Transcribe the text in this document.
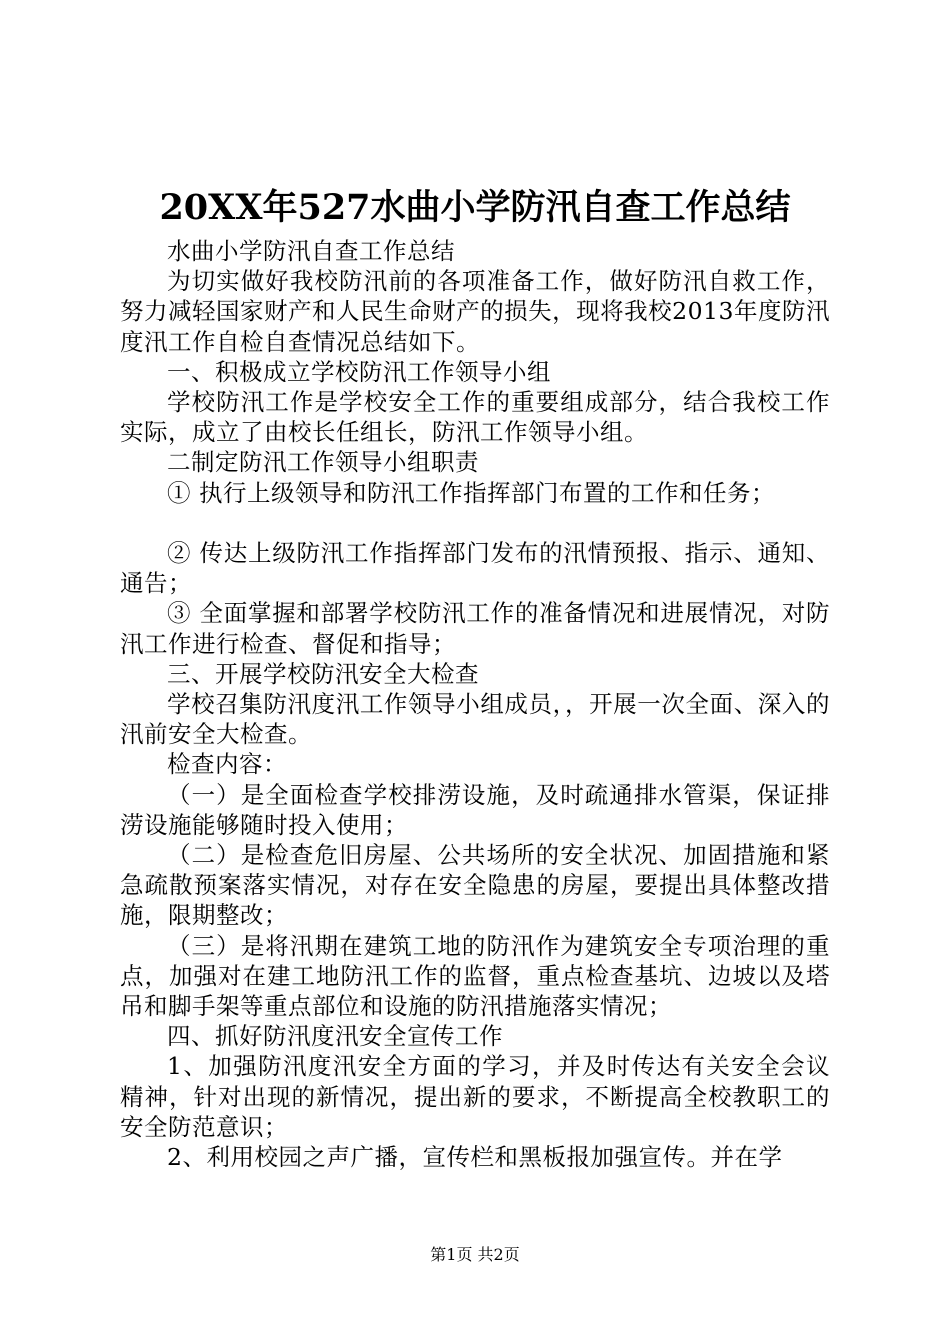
20XX年527水曲小学防汛自查工作总结

水曲小学防汛自查工作总结

为切实做好我校防汛前的各项准备工作，做好防汛自救工作，努力减轻国家财产和人民生命财产的损失，现将我校2013年度防汛度汛工作自检自查情况总结如下。

一、积极成立学校防汛工作领导小组

学校防汛工作是学校安全工作的重要组成部分，结合我校工作实际，成立了由校长任组长，防汛工作领导小组。

二制定防汛工作领导小组职责

① 执行上级领导和防汛工作指挥部门布置的工作和任务；

② 传达上级防汛工作指挥部门发布的汛情预报、指示、通知、通告；

③ 全面掌握和部署学校防汛工作的准备情况和进展情况，对防汛工作进行检查、督促和指导；

三、开展学校防汛安全大检查

学校召集防汛度汛工作领导小组成员，，开展一次全面、深入的汛前安全大检查。

检查内容：

（一）是全面检查学校排涝设施，及时疏通排水管渠，保证排涝设施能够随时投入使用；

（二）是检查危旧房屋、公共场所的安全状况、加固措施和紧急疏散预案落实情况，对存在安全隐患的房屋，要提出具体整改措施，限期整改；

（三）是将汛期在建筑工地的防汛作为建筑安全专项治理的重点，加强对在建工地防汛工作的监督，重点检查基坑、边坡以及塔吊和脚手架等重点部位和设施的防汛措施落实情况；

四、抓好防汛度汛安全宣传工作

1、加强防汛度汛安全方面的学习，并及时传达有关安全会议精神，针对出现的新情况，提出新的要求，不断提高全校教职工的安全防范意识；

2、利用校园之声广播，宣传栏和黑板报加强宣传。并在学

第1页 共2页
